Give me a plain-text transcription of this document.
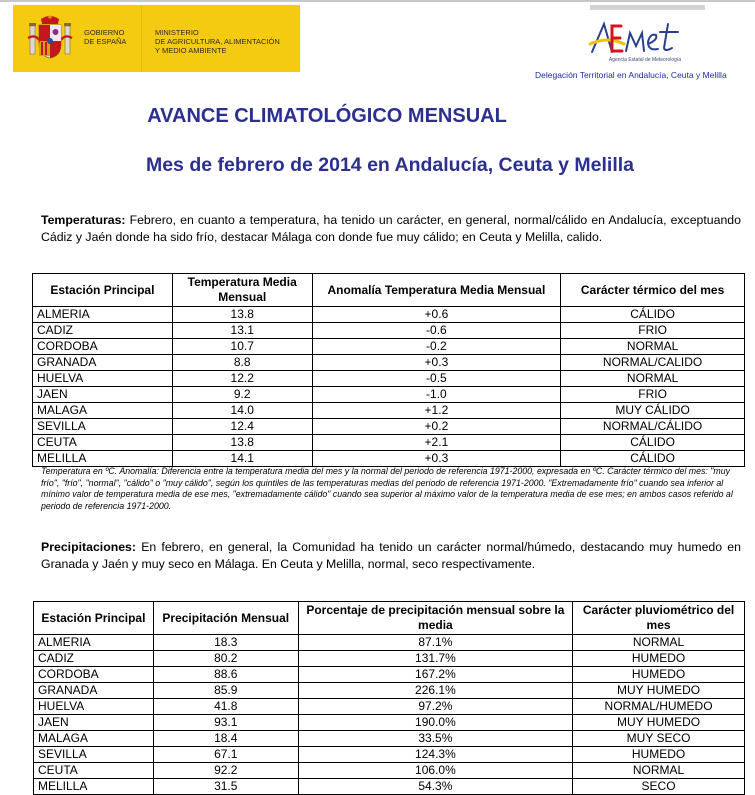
GOBIERNO
DE ESPAÑA
MINISTERIO
DE AGRICULTURA, ALIMENTACIÓN
Y MEDIO AMBIENTE
Agencia Estatal de Meteorología
Delegación Territorial en Andalucía, Ceuta y Melilla
AVANCE CLIMATOLÓGICO MENSUAL
Mes de febrero de 2014 en Andalucía, Ceuta y Melilla
Temperaturas: Febrero, en cuanto a temperatura, ha tenido un carácter, en general, normal/cálido en Andalucía, exceptuando Cádiz y Jaén donde ha sido frío, destacar Málaga con donde fue muy cálido; en Ceuta y Melilla, calido.
Estación Principal	Temperatura Media Mensual	Anomalía Temperatura Media Mensual	Carácter térmico del mes
ALMERIA	13.8	+0.6	CÁLIDO
CADIZ	13.1	-0.6	FRIO
CORDOBA	10.7	-0.2	NORMAL
GRANADA	8.8	+0.3	NORMAL/CALIDO
HUELVA	12.2	-0.5	NORMAL
JAEN	9.2	-1.0	FRIO
MALAGA	14.0	+1.2	MUY CÁLIDO
SEVILLA	12.4	+0.2	NORMAL/CÁLIDO
CEUTA	13.8	+2.1	CÁLIDO
MELILLA	14.1	+0.3	CÁLIDO
Temperatura en ºC. Anomalía: Diferencia entre la temperatura media del mes y la normal del periodo de referencia 1971-2000, expresada en ºC. Carácter térmico del mes: "muy frío", "frío", "normal", "cálido" o "muy cálido", según los quintiles de las temperaturas medias del periodo de referencia 1971-2000. "Extremadamente frío" cuando sea inferior al mínimo valor de temperatura media de ese mes, "extremadamente cálido" cuando sea superior al máximo valor de la temperatura media de ese mes; en ambos casos referido al periodo de referencia 1971-2000.
Precipitaciones: En febrero, en general, la Comunidad ha tenido un carácter normal/húmedo, destacando muy humedo en Granada y Jaén y muy seco en Málaga. En Ceuta y Melilla, normal, seco respectivamente.
Estación Principal	Precipitación Mensual	Porcentaje de precipitación mensual sobre la media	Carácter pluviométrico del mes
ALMERIA	18.3	87.1%	NORMAL
CADIZ	80.2	131.7%	HUMEDO
CORDOBA	88.6	167.2%	HUMEDO
GRANADA	85.9	226.1%	MUY HUMEDO
HUELVA	41.8	97.2%	NORMAL/HUMEDO
JAEN	93.1	190.0%	MUY HUMEDO
MALAGA	18.4	33.5%	MUY SECO
SEVILLA	67.1	124.3%	HUMEDO
CEUTA	92.2	106.0%	NORMAL
MELILLA	31.5	54.3%	SECO
